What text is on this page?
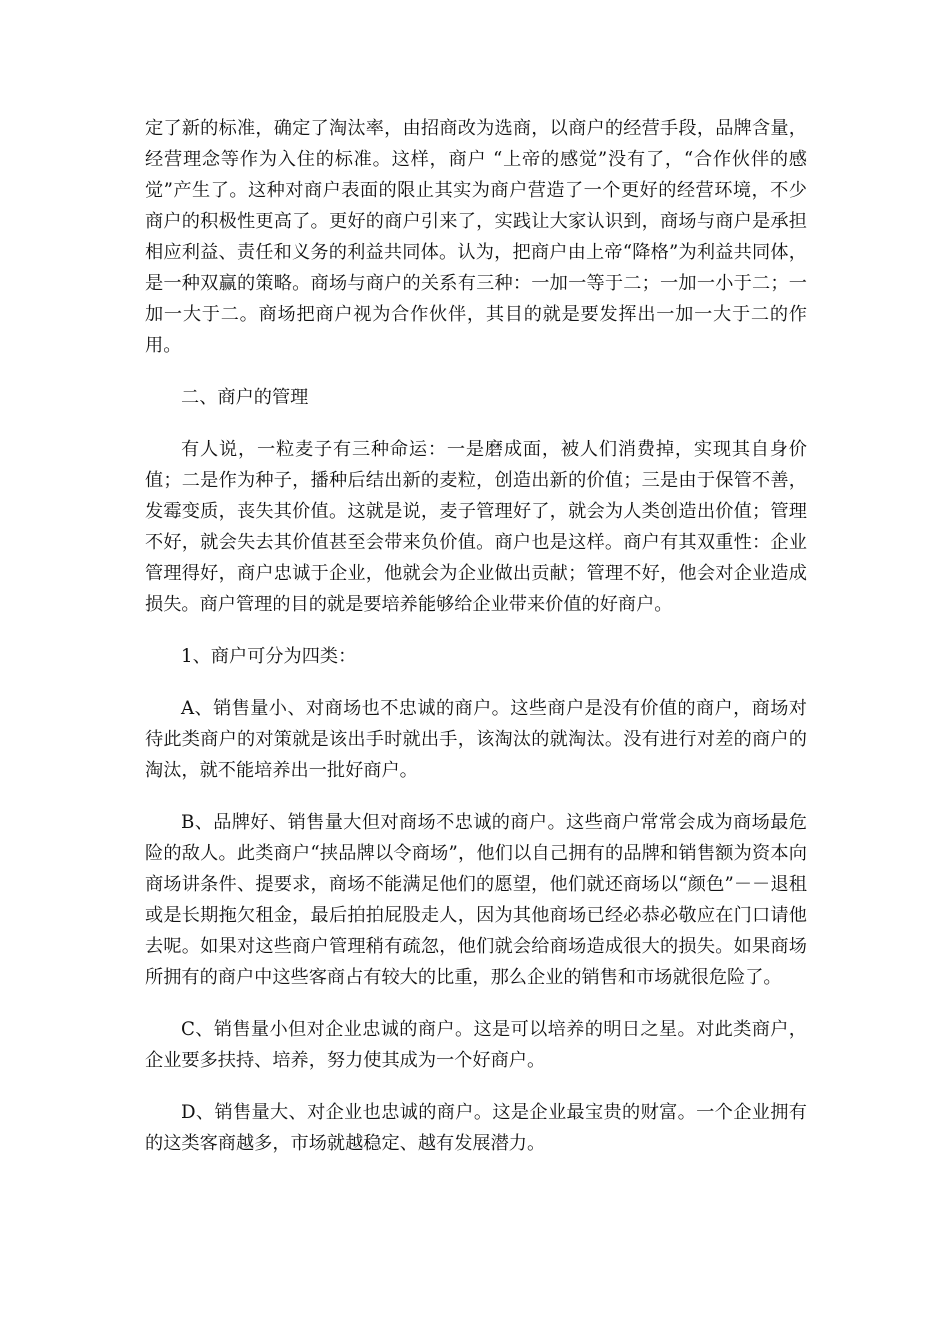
定了新的标准，确定了淘汰率，由招商改为选商，以商户的经营手段，品牌含量，经营理念等作为入住的标准。这样，商户 “上帝的感觉”没有了，“合作伙伴的感觉”产生了。这种对商户表面的限止其实为商户营造了一个更好的经营环境，不少商户的积极性更高了。更好的商户引来了，实践让大家认识到，商场与商户是承担相应利益、责任和义务的利益共同体。认为，把商户由上帝“降格”为利益共同体，是一种双赢的策略。商场与商户的关系有三种：一加一等于二；一加一小于二；一加一大于二。商场把商户视为合作伙伴，其目的就是要发挥出一加一大于二的作用。

二、商户的管理

有人说，一粒麦子有三种命运：一是磨成面，被人们消费掉，实现其自身价值；二是作为种子，播种后结出新的麦粒，创造出新的价值；三是由于保管不善，发霉变质，丧失其价值。这就是说，麦子管理好了，就会为人类创造出价值；管理不好，就会失去其价值甚至会带来负价值。商户也是这样。商户有其双重性：企业管理得好，商户忠诚于企业，他就会为企业做出贡献；管理不好，他会对企业造成损失。商户管理的目的就是要培养能够给企业带来价值的好商户。

1、商户可分为四类：

A、销售量小、对商场也不忠诚的商户。这些商户是没有价值的商户，商场对待此类商户的对策就是该出手时就出手，该淘汰的就淘汰。没有进行对差的商户的淘汰，就不能培养出一批好商户。

B、品牌好、销售量大但对商场不忠诚的商户。这些商户常常会成为商场最危险的敌人。此类商户“挟品牌以令商场”，他们以自己拥有的品牌和销售额为资本向商场讲条件、提要求，商场不能满足他们的愿望，他们就还商场以“颜色”－－退租或是长期拖欠租金，最后拍拍屁股走人，因为其他商场已经必恭必敬应在门口请他去呢。如果对这些商户管理稍有疏忽，他们就会给商场造成很大的损失。如果商场所拥有的商户中这些客商占有较大的比重，那么企业的销售和市场就很危险了。

C、销售量小但对企业忠诚的商户。这是可以培养的明日之星。对此类商户，企业要多扶持、培养，努力使其成为一个好商户。

D、销售量大、对企业也忠诚的商户。这是企业最宝贵的财富。一个企业拥有的这类客商越多，市场就越稳定、越有发展潜力。
